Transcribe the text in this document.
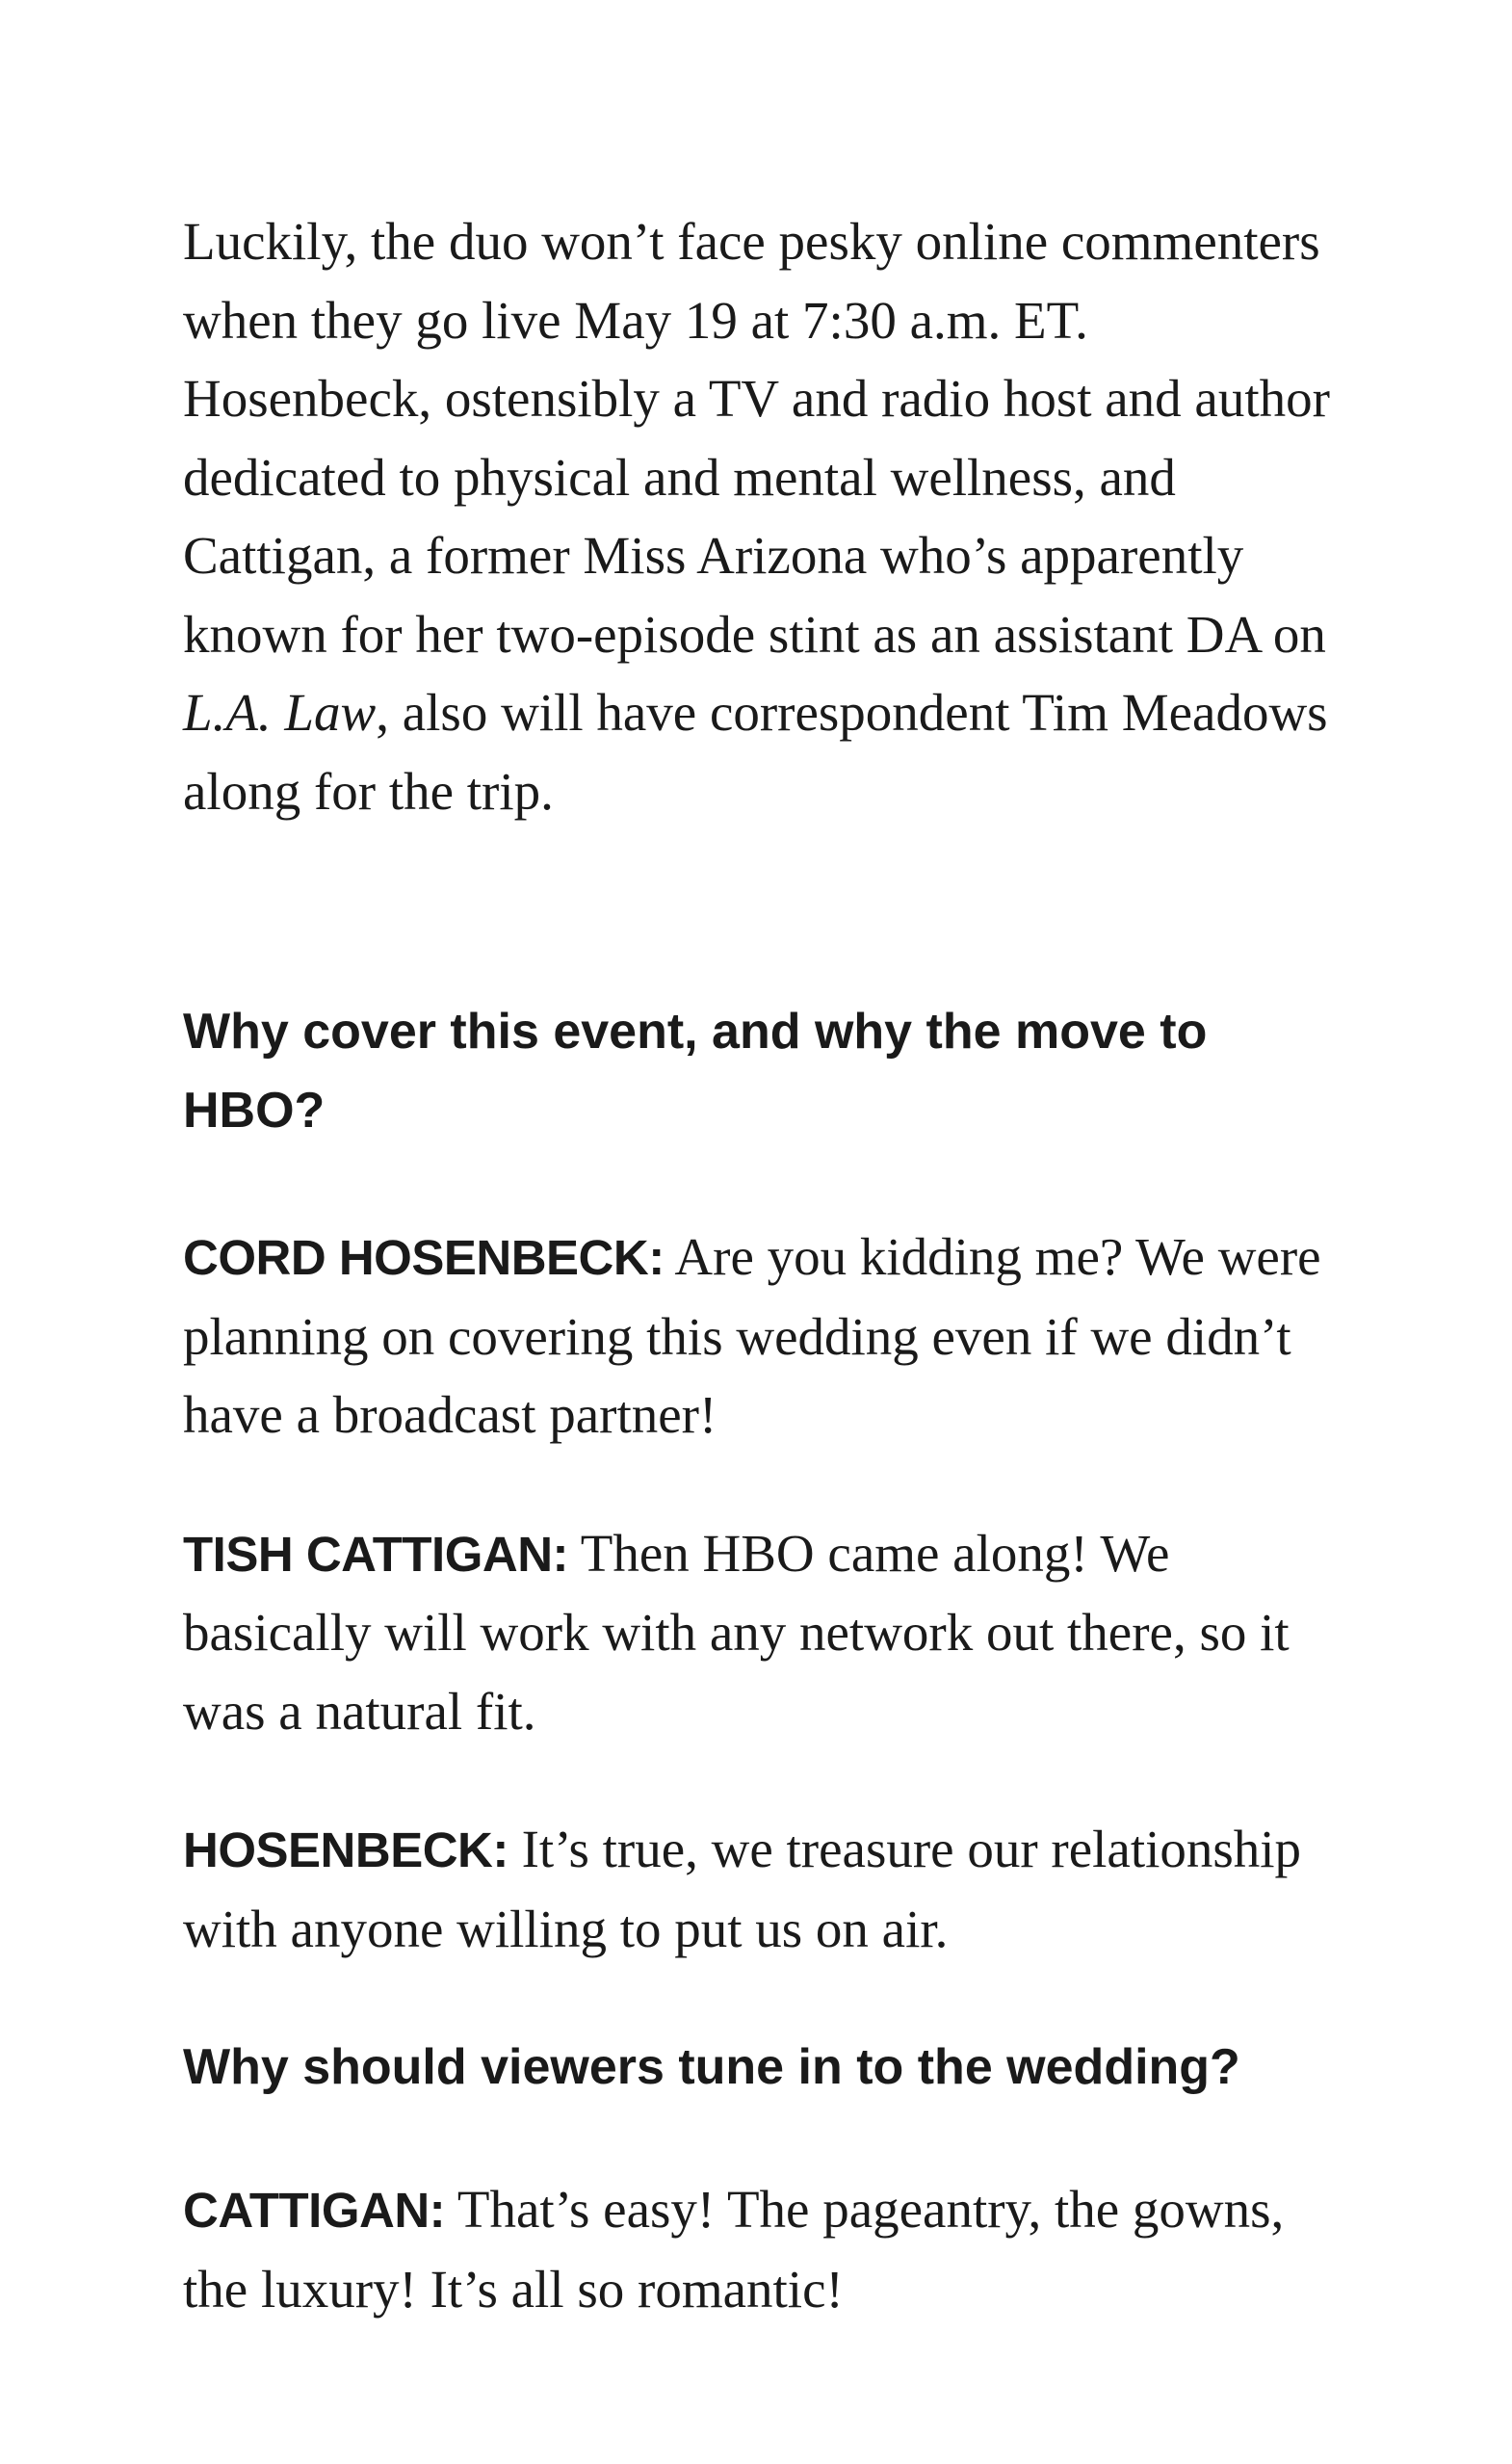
Luckily, the duo won’t face pesky online commenters when they go live May 19 at 7:30 a.m. ET. Hosenbeck, ostensibly a TV and radio host and author dedicated to physical and mental wellness, and Cattigan, a former Miss Arizona who’s apparently known for her two-episode stint as an assistant DA on L.A. Law, also will have correspondent Tim Meadows along for the trip.

Why cover this event, and why the move to HBO?

CORD HOSENBECK: Are you kidding me? We were planning on covering this wedding even if we didn’t have a broadcast partner!

TISH CATTIGAN: Then HBO came along! We basically will work with any network out there, so it was a natural fit.

HOSENBECK: It’s true, we treasure our relationship with anyone willing to put us on air.

Why should viewers tune in to the wedding?

CATTIGAN: That’s easy! The pageantry, the gowns, the luxury! It’s all so romantic!
